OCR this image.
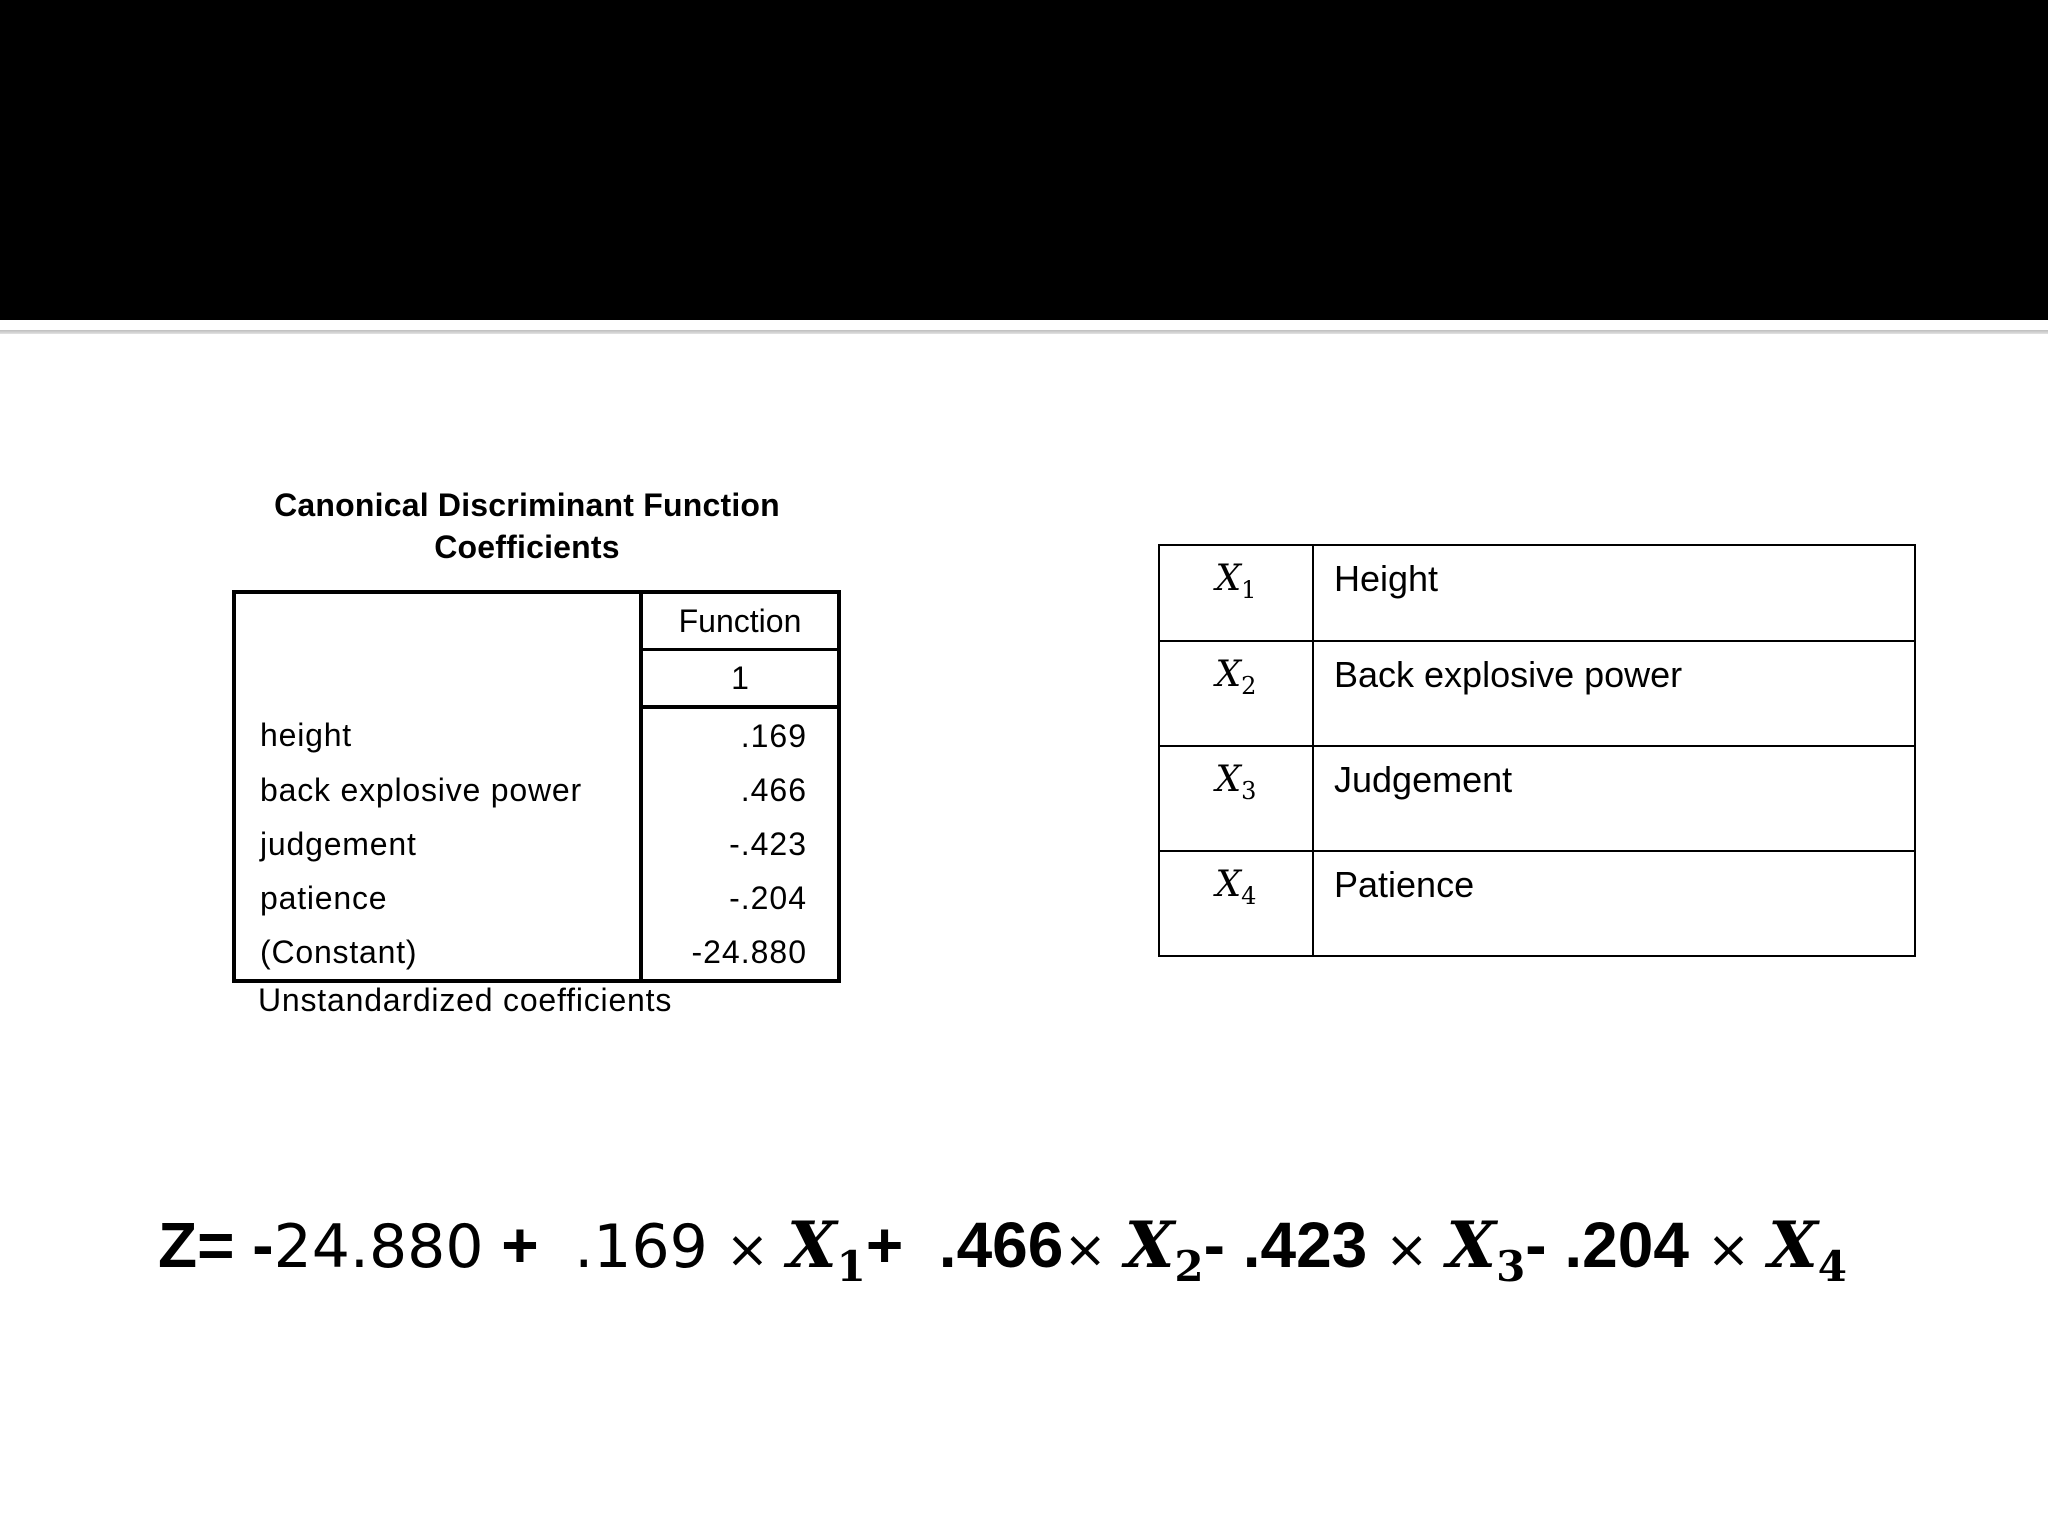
Canonical Discriminant Function
Coefficients
	Function
	1
height	.169
back explosive power	.466
judgement	-.423
patience	-.204
(Constant)	-24.880
Unstandardized coefficients
$X_1$	Height
$X_2$	Back explosive power
$X_3$	Judgement
$X_4$	Patience
$Z= -24.880 + .169 \times X_1+ .466\times X_2-$ $.423 \times X_3-$ $.204 \times X_4$
